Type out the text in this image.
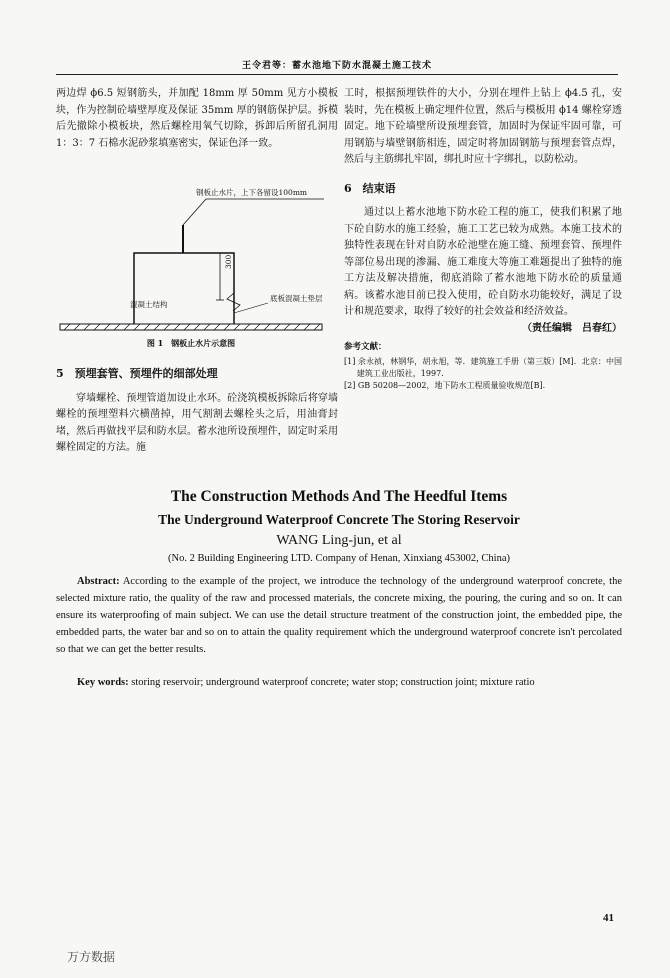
王令君等：蓄水池地下防水混凝土施工技术

两边焊 ϕ6.5 短钢筋头，并加配 18mm 厚 50mm 见方小模板块，作为控制砼墙壁厚度及保证 35mm 厚的钢筋保护层。拆模后先撤除小模板块，然后螺栓用氧气切除，拆卸后所留孔洞用 1：3：7 石棉水泥砂浆填塞密实，保证色泽一致。

钢板止水片，上下各留设100mm
300
混凝土结构
底板混凝土垫层
图 1　钢板止水片示意图
5　预埋套管、预埋件的细部处理

穿墙螺栓、预埋管道加设止水环。砼浇筑模板拆除后将穿墙螺栓的预埋塑料穴横凿掉，用气割割去螺栓头之后，用油膏封堵，然后再做找平层和防水层。蓄水池所设预埋件，固定时采用螺栓固定的方法。施

工时，根据预埋铁件的大小，分别在埋件上钻上 ϕ4.5 孔，安装时，先在模板上确定埋件位置，然后与模板用 ϕ14 螺栓穿透固定。地下砼墙壁所设预埋套管，加固时为保证牢固可靠，可用钢筋与墙壁钢筋相连，固定时将加固钢筋与预埋套管点焊，然后与主筋绑扎牢固，绑扎时应十字绑扎，以防松动。

6　结束语

通过以上蓄水池地下防水砼工程的施工，使我们积累了地下砼自防水的施工经验，施工工艺已较为成熟。本施工技术的独特性表现在针对自防水砼池壁在施工缝、预埋套管、预埋件等部位易出现的渗漏、施工难度大等施工难题提出了独特的施工方法及解决措施，彻底消除了蓄水池地下防水砼的质量通病。该蓄水池目前已投入使用，砼自防水功能较好，满足了设计和规范要求，取得了较好的社会效益和经济效益。

（责任编辑　吕春红）

参考文献：
[1] 余永祯，林钢华，胡永旭，等．建筑施工手册（第三版）[M]．北京：中国建筑工业出版社，1997.
[2] GB 50208—2002，地下防水工程质量验收规范[B].
The Construction Methods And The Heedful Items
The Underground Waterproof Concrete The Storing Reservoir
WANG Ling-jun, et al
(No. 2 Building Engineering LTD. Company of Henan, Xinxiang 453002, China)
Abstract: According to the example of the project, we introduce the technology of the underground waterproof concrete, the selected mixture ratio, the quality of the raw and processed materials, the concrete mixing, the pouring, the curing and so on. It can ensure its waterproofing of main subject. We can use the detail structure treatment of the construction joint, the embedded pipe, the embedded parts, the water bar and so on to attain the quality requirement which the underground waterproof concrete isn't percolated so that we can get the better results.
Key words: storing reservoir; underground waterproof concrete; water stop; construction joint; mixture ratio
41
万方数据
